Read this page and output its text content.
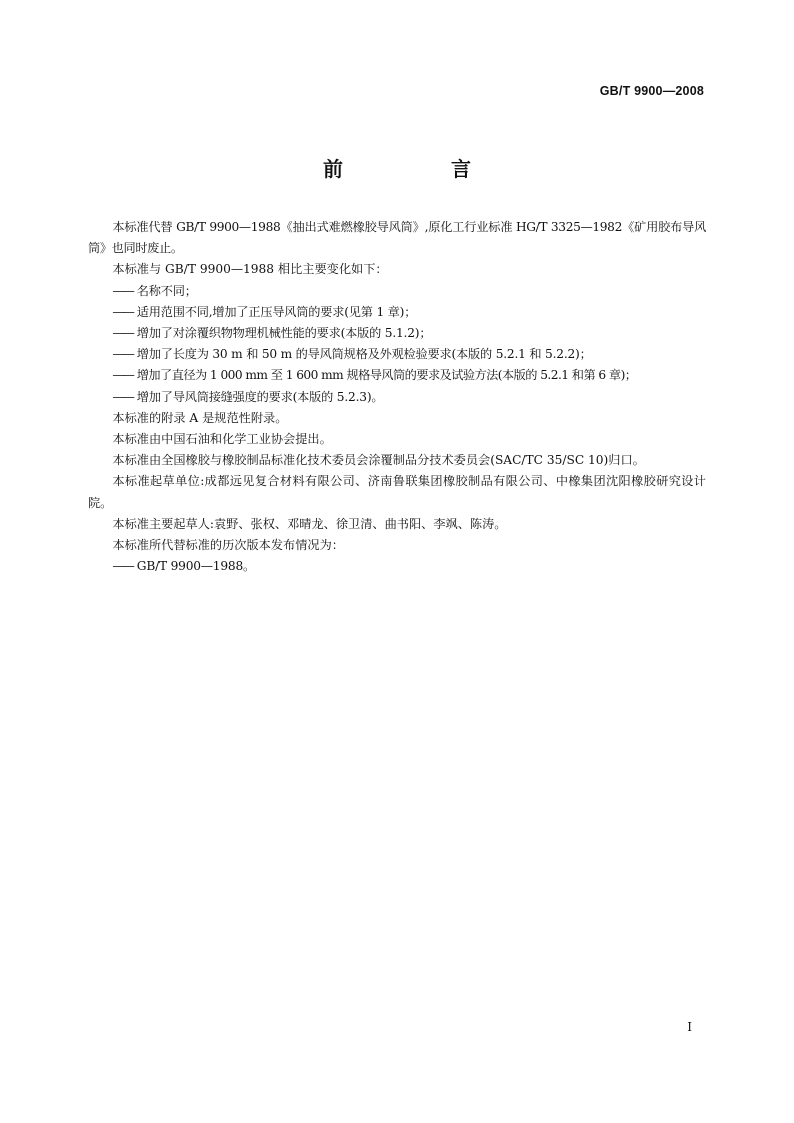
GB/T 9900—2008
前　言

本标准代替 GB/T 9900—1988《抽出式难燃橡胶导风筒》,原化工行业标准 HG/T 3325—1982《矿用胶布导风筒》也同时废止。

本标准与 GB/T 9900—1988 相比主要变化如下：

—— 名称不同；

—— 适用范围不同,增加了正压导风筒的要求(见第 1 章)；

—— 增加了对涂覆织物物理机械性能的要求(本版的 5.1.2)；

—— 增加了长度为 30 m 和 50 m 的导风筒规格及外观检验要求(本版的 5.2.1 和 5.2.2)；

—— 增加了直径为 1 000 mm 至 1 600 mm 规格导风筒的要求及试验方法(本版的 5.2.1 和第 6 章)；

—— 增加了导风筒接缝强度的要求(本版的 5.2.3)。

本标准的附录 A 是规范性附录。

本标准由中国石油和化学工业协会提出。

本标准由全国橡胶与橡胶制品标准化技术委员会涂覆制品分技术委员会(SAC/TC 35/SC 10)归口。

本标准起草单位:成都远见复合材料有限公司、济南鲁联集团橡胶制品有限公司、中橡集团沈阳橡胶研究设计院。

本标准主要起草人:袁野、张权、邓晴龙、徐卫清、曲书阳、李飒、陈涛。

本标准所代替标准的历次版本发布情况为：

—— GB/T 9900—1988。

I
